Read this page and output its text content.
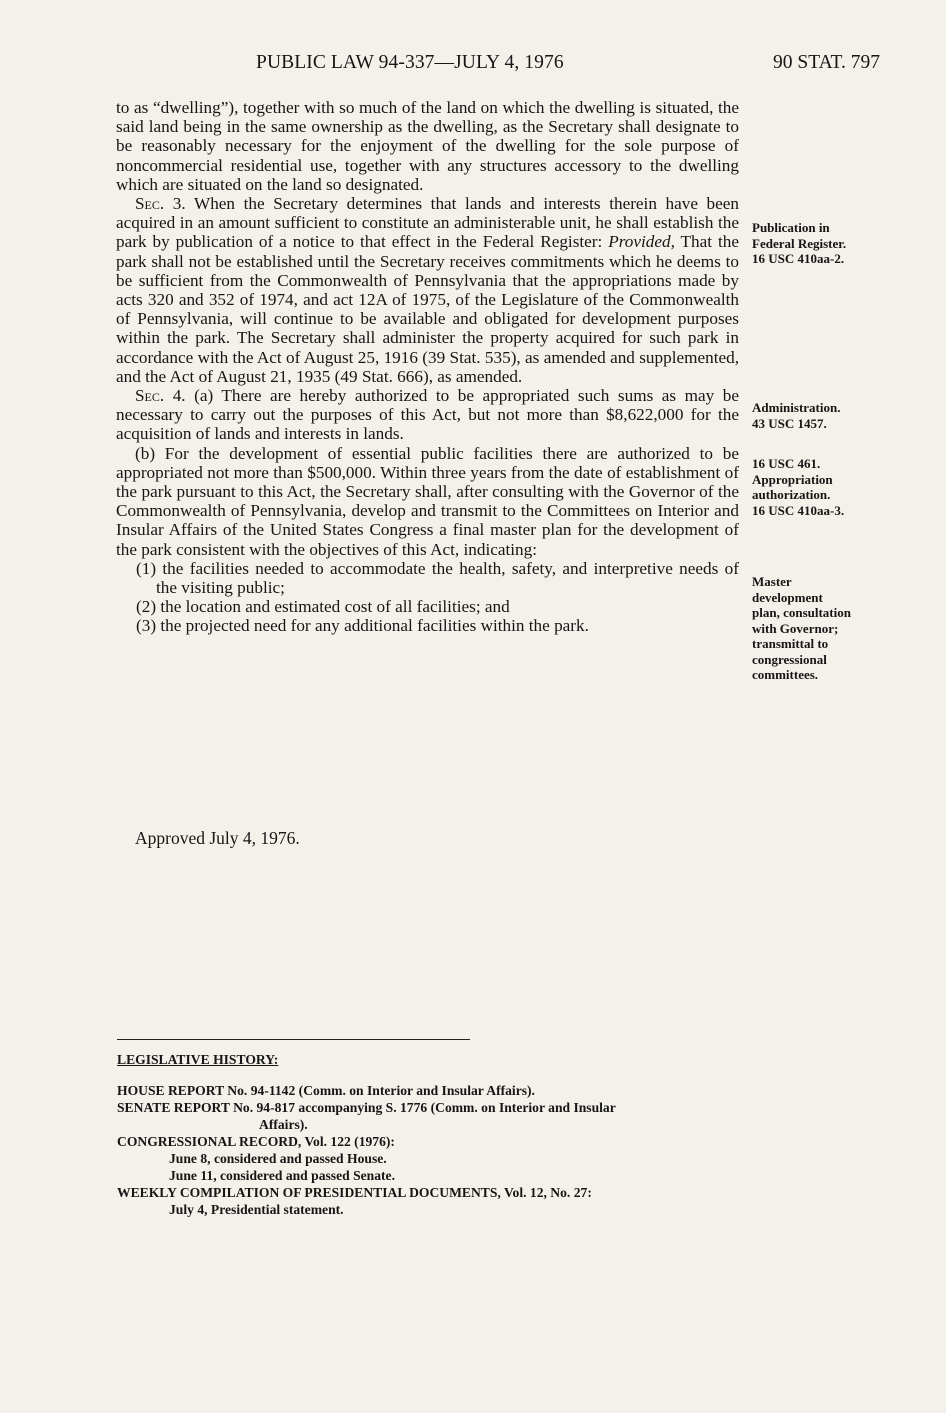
PUBLIC LAW 94-337—JULY 4, 1976	90 STAT. 797

to as “dwelling”), together with so much of the land on which the dwelling is situated, the said land being in the same ownership as the dwelling, as the Secretary shall designate to be reasonably necessary for the enjoyment of the dwelling for the sole purpose of noncommercial residential use, together with any structures accessory to the dwelling which are situated on the land so designated.

Sec. 3. When the Secretary determines that lands and interests therein have been acquired in an amount sufficient to constitute an administerable unit, he shall establish the park by publication of a notice to that effect in the Federal Register: Provided, That the park shall not be established until the Secretary receives commitments which he deems to be sufficient from the Commonwealth of Pennsylvania that the appropriations made by acts 320 and 352 of 1974, and act 12A of 1975, of the Legislature of the Commonwealth of Pennsylvania, will continue to be available and obligated for development purposes within the park. The Secretary shall administer the property acquired for such park in accordance with the Act of August 25, 1916 (39 Stat. 535), as amended and supplemented, and the Act of August 21, 1935 (49 Stat. 666), as amended.

Sec. 4. (a) There are hereby authorized to be appropriated such sums as may be necessary to carry out the purposes of this Act, but not more than $8,622,000 for the acquisition of lands and interests in lands.

(b) For the development of essential public facilities there are authorized to be appropriated not more than $500,000. Within three years from the date of establishment of the park pursuant to this Act, the Secretary shall, after consulting with the Governor of the Commonwealth of Pennsylvania, develop and transmit to the Committees on Interior and Insular Affairs of the United States Congress a final master plan for the development of the park consistent with the objectives of this Act, indicating:

(1) the facilities needed to accommodate the health, safety, and interpretive needs of the visiting public;

(2) the location and estimated cost of all facilities; and

(3) the projected need for any additional facilities within the park.

Approved July 4, 1976.
Publication in
Federal Register.
16 USC 410aa-2.
Administration.
43 USC 1457.
16 USC 461.
Appropriation
authorization.
16 USC 410aa-3.
Master
development
plan, consultation
with Governor;
transmittal to
congressional
committees.
LEGISLATIVE HISTORY:

HOUSE REPORT No. 94-1142 (Comm. on Interior and Insular Affairs).

SENATE REPORT No. 94-817 accompanying S. 1776 (Comm. on Interior and Insular

Affairs).

CONGRESSIONAL RECORD, Vol. 122 (1976):

June 8, considered and passed House.

June 11, considered and passed Senate.

WEEKLY COMPILATION OF PRESIDENTIAL DOCUMENTS, Vol. 12, No. 27:

July 4, Presidential statement.
